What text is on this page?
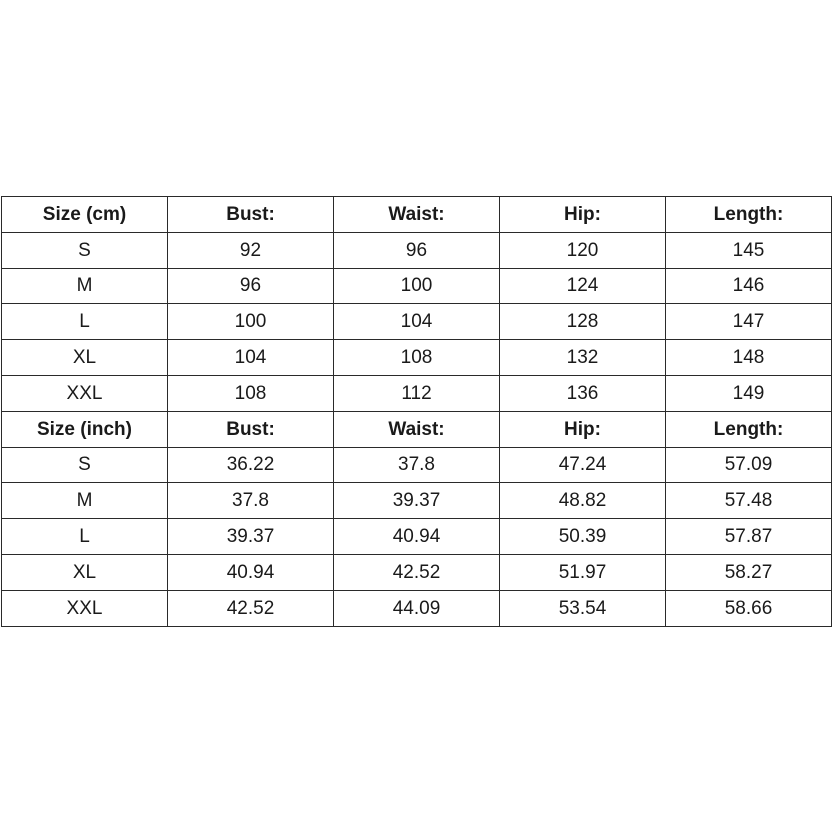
Size (cm)	Bust:	Waist:	Hip:	Length:
S	92	96	120	145
M	96	100	124	146
L	100	104	128	147
XL	104	108	132	148
XXL	108	112	136	149
Size (inch)	Bust:	Waist:	Hip:	Length:
S	36.22	37.8	47.24	57.09
M	37.8	39.37	48.82	57.48
L	39.37	40.94	50.39	57.87
XL	40.94	42.52	51.97	58.27
XXL	42.52	44.09	53.54	58.66
